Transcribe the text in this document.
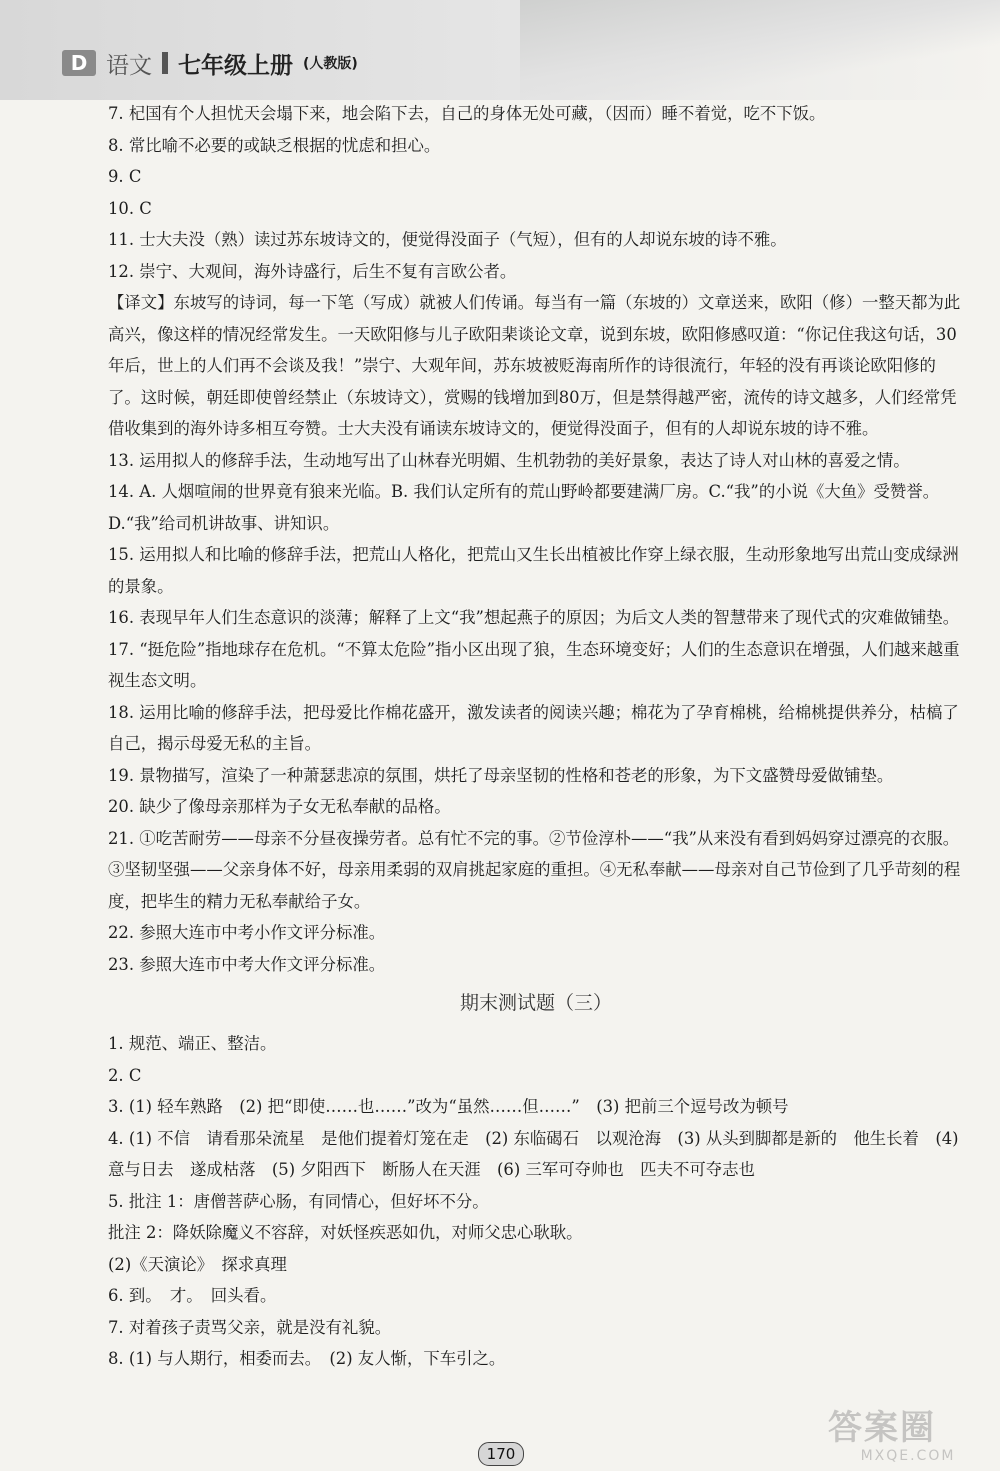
D 语文 七年级上册 (人教版)

7. 杞国有个人担忧天会塌下来，地会陷下去，自己的身体无处可藏，（因而）睡不着觉，吃不下饭。

8. 常比喻不必要的或缺乏根据的忧虑和担心。

9. C

10. C

11. 士大夫没（熟）读过苏东坡诗文的，便觉得没面子（气短），但有的人却说东坡的诗不雅。

12. 崇宁、大观间，海外诗盛行，后生不复有言欧公者。

【译文】东坡写的诗词，每一下笔（写成）就被人们传诵。每当有一篇（东坡的）文章送来，欧阳（修）一整天都为此高兴，像这样的情况经常发生。一天欧阳修与儿子欧阳棐谈论文章，说到东坡，欧阳修感叹道：“你记住我这句话，30年后，世上的人们再不会谈及我！”崇宁、大观年间，苏东坡被贬海南所作的诗很流行，年轻的没有再谈论欧阳修的了。这时候，朝廷即使曾经禁止（东坡诗文），赏赐的钱增加到80万，但是禁得越严密，流传的诗文越多，人们经常凭借收集到的海外诗多相互夸赞。士大夫没有诵读东坡诗文的，便觉得没面子，但有的人却说东坡的诗不雅。

13. 运用拟人的修辞手法，生动地写出了山林春光明媚、生机勃勃的美好景象，表达了诗人对山林的喜爱之情。

14. A. 人烟喧闹的世界竟有狼来光临。B. 我们认定所有的荒山野岭都要建满厂房。C.“我”的小说《大鱼》受赞誉。D.“我”给司机讲故事、讲知识。

15. 运用拟人和比喻的修辞手法，把荒山人格化，把荒山又生长出植被比作穿上绿衣服，生动形象地写出荒山变成绿洲的景象。

16. 表现早年人们生态意识的淡薄；解释了上文“我”想起燕子的原因；为后文人类的智慧带来了现代式的灾难做铺垫。

17. “挺危险”指地球存在危机。“不算太危险”指小区出现了狼，生态环境变好；人们的生态意识在增强，人们越来越重视生态文明。

18. 运用比喻的修辞手法，把母爱比作棉花盛开，激发读者的阅读兴趣；棉花为了孕育棉桃，给棉桃提供养分，枯槁了自己，揭示母爱无私的主旨。

19. 景物描写，渲染了一种萧瑟悲凉的氛围，烘托了母亲坚韧的性格和苍老的形象，为下文盛赞母爱做铺垫。

20. 缺少了像母亲那样为子女无私奉献的品格。

21. ①吃苦耐劳——母亲不分昼夜操劳者。总有忙不完的事。②节俭淳朴——“我”从来没有看到妈妈穿过漂亮的衣服。③坚韧坚强——父亲身体不好，母亲用柔弱的双肩挑起家庭的重担。④无私奉献——母亲对自己节俭到了几乎苛刻的程度，把毕生的精力无私奉献给子女。

22. 参照大连市中考小作文评分标准。

23. 参照大连市中考大作文评分标准。

期末测试题（三）

1. 规范、端正、整洁。

2. C

3. (1) 轻车熟路　(2) 把“即使……也……”改为“虽然……但……”　(3) 把前三个逗号改为顿号

4. (1) 不信　请看那朵流星　是他们提着灯笼在走　(2) 东临碣石　以观沧海　(3) 从头到脚都是新的　他生长着　(4) 意与日去　遂成枯落　(5) 夕阳西下　断肠人在天涯　(6) 三军可夺帅也　匹夫不可夺志也

5. 批注 1：唐僧菩萨心肠，有同情心，但好坏不分。

批注 2：降妖除魔义不容辞，对妖怪疾恶如仇，对师父忠心耿耿。

(2)《天演论》　探求真理

6. 到。　才。　回头看。

7. 对着孩子责骂父亲，就是没有礼貌。

8. (1) 与人期行，相委而去。　(2) 友人惭，下车引之。

答案圈
MXQE.COM
170
